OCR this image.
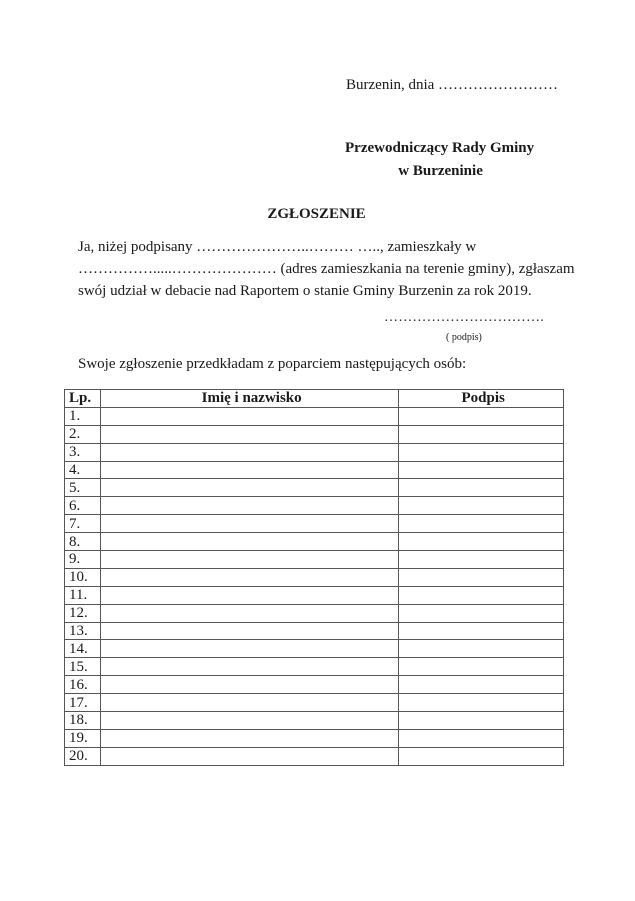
Burzenin, dnia ……………………
Przewodniczący Rady Gminy
w Burzeninie
ZGŁOSZENIE
Ja, niżej podpisany …………………..……… ….., zamieszkały w
…………….....………………… (adres zamieszkania na terenie gminy), zgłaszam
swój udział w debacie nad Raportem o stanie Gminy Burzenin za rok 2019.
…………………………….
( podpis)
Swoje zgłoszenie przedkładam z poparciem następujących osób:
Lp.	Imię i nazwisko	Podpis
1.		
2.		
3.		
4.		
5.		
6.		
7.		
8.		
9.		
10.		
11.		
12.		
13.		
14.		
15.		
16.		
17.		
18.		
19.		
20.		
